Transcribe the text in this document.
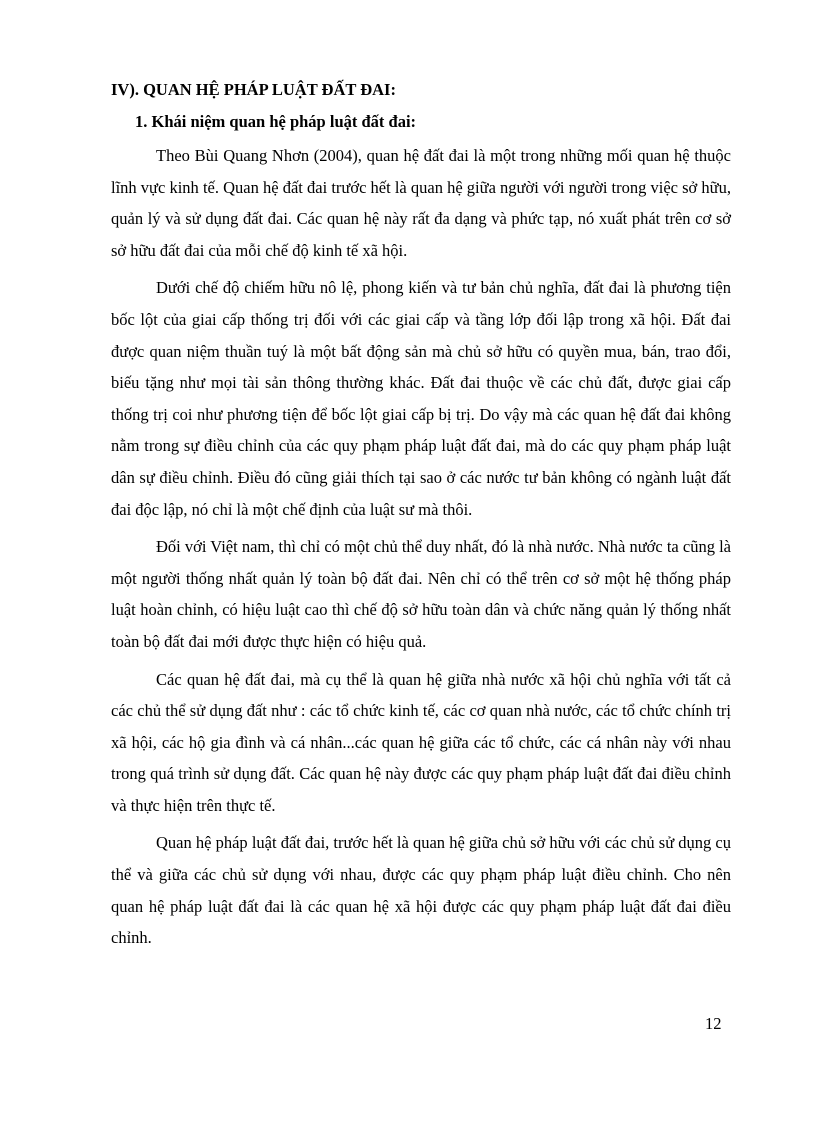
IV). QUAN HỆ PHÁP LUẬT ĐẤT ĐAI:
1. Khái niệm quan hệ pháp luật đất đai:

Theo Bùi Quang Nhơn (2004), quan hệ đất đai là một trong những mối quan hệ thuộc lĩnh vực kinh tế. Quan hệ đất đai trước hết là quan hệ giữa người với người trong việc sở hữu, quản lý và sử dụng đất đai. Các quan hệ này rất đa dạng và phức tạp, nó xuất phát trên cơ sở sở hữu đất đai của mỗi chế độ kinh tế xã hội.

Dưới chế độ chiếm hữu nô lệ, phong kiến và tư bản chủ nghĩa, đất đai là phương tiện bốc lột của giai cấp thống trị đối với các giai cấp và tầng lớp đối lập trong xã hội. Đất đai được quan niệm thuần tuý là một bất động sản mà chủ sở hữu có quyền mua, bán, trao đổi, biếu tặng như mọi tài sản thông thường khác. Đất đai thuộc về các chủ đất, được giai cấp thống trị coi như phương tiện để bốc lột giai cấp bị trị. Do vậy mà các quan hệ đất đai không nằm trong sự điều chỉnh của các quy phạm pháp luật đất đai, mà do các quy phạm pháp luật dân sự điều chỉnh. Điều đó cũng giải thích tại sao ở các nước tư bản không có ngành luật đất đai độc lập, nó chỉ là một chế định của luật sư mà thôi.

Đối với Việt nam, thì chỉ có một chủ thể duy nhất, đó là nhà nước. Nhà nước ta cũng là một người thống nhất quản lý toàn bộ đất đai. Nên chỉ có thể trên cơ sở một hệ thống pháp luật hoàn chỉnh, có hiệu luật cao thì chế độ sở hữu toàn dân và chức năng quản lý thống nhất toàn bộ đất đai mới được thực hiện có hiệu quả.

Các quan hệ đất đai, mà cụ thể là quan hệ giữa nhà nước xã hội chủ nghĩa với tất cả các chủ thể sử dụng đất như : các tổ chức kinh tế, các cơ quan nhà nước, các tổ chức chính trị xã hội, các hộ gia đình và cá nhân...các quan hệ giữa các tổ chức, các cá nhân này với nhau trong quá trình sử dụng đất. Các quan hệ này được các quy phạm pháp luật đất đai điều chỉnh và thực hiện trên thực tế.

Quan hệ pháp luật đất đai, trước hết là quan hệ giữa chủ sở hữu với các chủ sử dụng cụ thể và giữa các chủ sử dụng với nhau, được các quy phạm pháp luật điều chỉnh. Cho nên quan hệ pháp luật đất đai là các quan hệ xã hội được các quy phạm pháp luật đất đai điều chỉnh.

12
